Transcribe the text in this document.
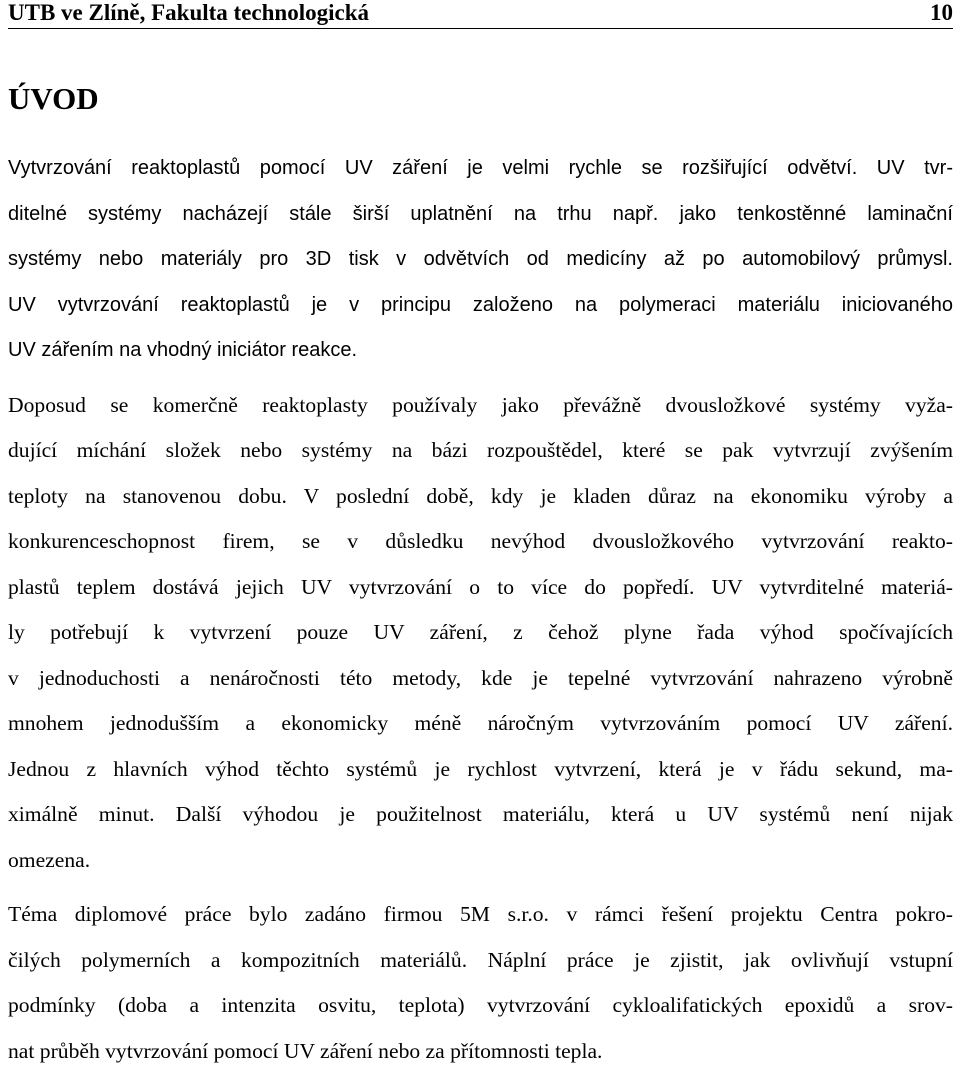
UTB ve Zlíně, Fakulta technologická	10
ÚVOD

Vytvrzování reaktoplastů pomocí UV záření je velmi rychle se rozšiřující odvětví. UV tvr-
ditelné systémy nacházejí stále širší uplatnění na trhu např. jako tenkostěnné laminační
systémy nebo materiály pro 3D tisk v odvětvích od medicíny až po automobilový průmysl.
UV vytvrzování reaktoplastů je v principu založeno na polymeraci materiálu iniciovaného
UV zářením na vhodný iniciátor reakce.

Doposud se komerčně reaktoplasty používaly jako převážně dvousložkové systémy vyža-
dující míchání složek nebo systémy na bázi rozpouštědel, které se pak vytvrzují zvýšením
teploty na stanovenou dobu. V poslední době, kdy je kladen důraz na ekonomiku výroby a
konkurenceschopnost firem, se v důsledku nevýhod dvousložkového vytvrzování reakto-
plastů teplem dostává jejich UV vytvrzování o to více do popředí. UV vytvrditelné materiá-
ly potřebují k vytvrzení pouze UV záření, z čehož plyne řada výhod spočívajících
v jednoduchosti a nenáročnosti této metody, kde je tepelné vytvrzování nahrazeno výrobně
mnohem jednodušším a ekonomicky méně náročným vytvrzováním pomocí UV záření.
Jednou z hlavních výhod těchto systémů je rychlost vytvrzení, která je v řádu sekund, ma-
ximálně minut. Další výhodou je použitelnost materiálu, která u UV systémů není nijak
omezena.

Téma diplomové práce bylo zadáno firmou 5M s.r.o. v rámci řešení projektu Centra pokro-
čilých polymerních a kompozitních materiálů. Náplní práce je zjistit, jak ovlivňují vstupní
podmínky (doba a intenzita osvitu, teplota) vytvrzování cykloalifatických epoxidů a srov-
nat průběh vytvrzování pomocí UV záření nebo za přítomnosti tepla.
